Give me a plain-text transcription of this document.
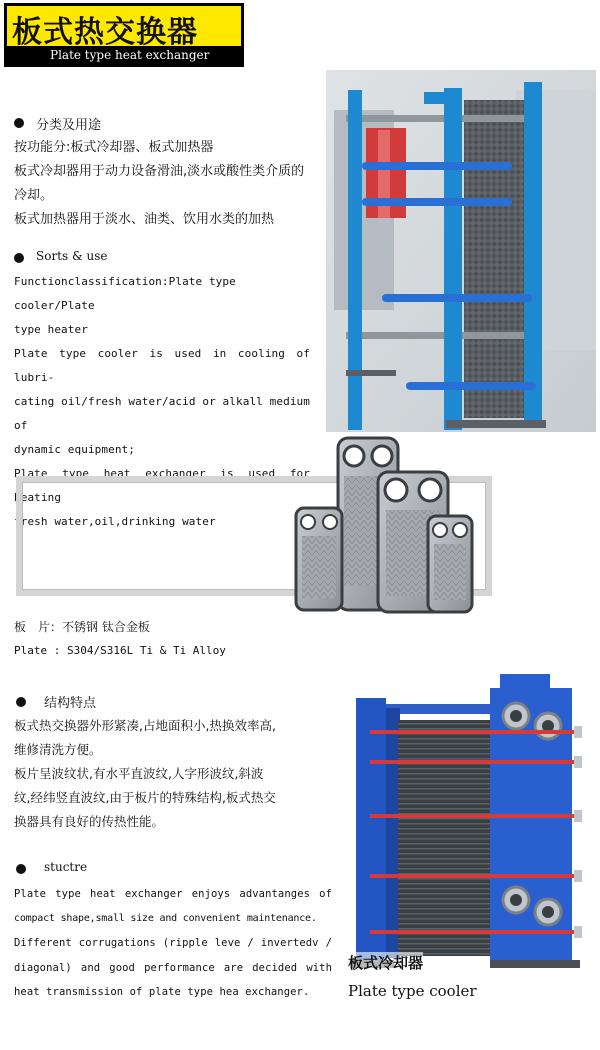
板式热交换器
Plate type heat exchanger
分类及用途
按功能分:板式冷却器、板式加热器
板式冷却器用于动力设备滑油,淡水或酸性类介质的
冷却。
板式加热器用于淡水、油类、饮用水类的加热
Sorts & use
Functionclassification:Plate type cooler/Plate
type heater
Plate type cooler is used in cooling of lubri-
cating oil/fresh water/acid or alkall medium of
dynamic equipment;
Plate type heat exchanger is used for heating
fresh water,oil,drinking water
板　片：不锈钢 钛合金板
Plate : S304/S316L Ti & Ti Alloy
结构特点
板式热交换器外形紧凑,占地面积小,热换效率高,
维修清洗方便。
板片呈波纹状,有水平直波纹,人字形波纹,斜波
纹,经纬竖直波纹,由于板片的特殊结构,板式热交
换器具有良好的传热性能。
stuctre
Plate type heat exchanger enjoys advantanges of
compact shape,small size and convenient maintenance.
Different corrugations (ripple leve / invertedv /
diagonal) and good performance are decided with
heat transmission of plate type hea exchanger.
板式冷却器
Plate type cooler
